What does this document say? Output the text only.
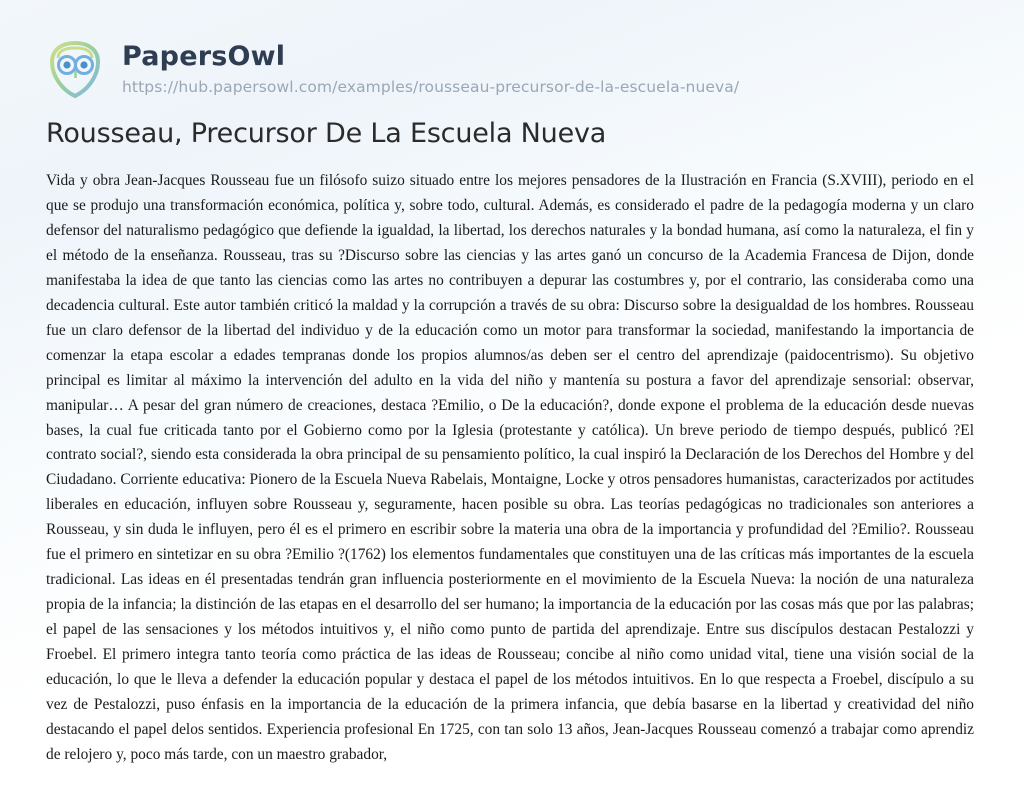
PapersOwl
https://hub.papersowl.com/examples/rousseau-precursor-de-la-escuela-nueva/
Rousseau, Precursor De La Escuela Nueva

Vida y obra Jean-Jacques Rousseau fue un filósofo suizo situado entre los mejores pensadores de la Ilustración en Francia (S.XVIII), periodo en el que se produjo una transformación económica, política y, sobre todo, cultural. Además, es considerado el padre de la pedagogía moderna y un claro defensor del naturalismo pedagógico que defiende la igualdad, la libertad, los derechos naturales y la bondad humana, así como la naturaleza, el fin y el método de la enseñanza. Rousseau, tras su ?Discurso sobre las ciencias y las artes ganó un concurso de la Academia Francesa de Dijon, donde manifestaba la idea de que tanto las ciencias como las artes no contribuyen a depurar las costumbres y, por el contrario, las consideraba como una decadencia cultural. Este autor también criticó la maldad y la corrupción a través de su obra: Discurso sobre la desigualdad de los hombres. Rousseau fue un claro defensor de la libertad del individuo y de la educación como un motor para transformar la sociedad, manifestando la importancia de comenzar la etapa escolar a edades tempranas donde los propios alumnos/as deben ser el centro del aprendizaje (paidocentrismo). Su objetivo principal es limitar al máximo la intervención del adulto en la vida del niño y mantenía su postura a favor del aprendizaje sensorial: observar, manipular… A pesar del gran número de creaciones, destaca ?Emilio, o De la educación?, donde expone el problema de la educación desde nuevas bases, la cual fue criticada tanto por el Gobierno como por la Iglesia (protestante y católica). Un breve periodo de tiempo después, publicó ?El contrato social?, siendo esta considerada la obra principal de su pensamiento político, la cual inspiró la Declaración de los Derechos del Hombre y del Ciudadano. Corriente educativa: Pionero de la Escuela Nueva Rabelais, Montaigne, Locke y otros pensadores humanistas, caracterizados por actitudes liberales en educación, influyen sobre Rousseau y, seguramente, hacen posible su obra. Las teorías pedagógicas no tradicionales son anteriores a Rousseau, y sin duda le influyen, pero él es el primero en escribir sobre la materia una obra de la importancia y profundidad del ?Emilio?. Rousseau fue el primero en sintetizar en su obra ?Emilio ?(1762) los elementos fundamentales que constituyen una de las críticas más importantes de la escuela tradicional. Las ideas en él presentadas tendrán gran influencia posteriormente en el movimiento de la Escuela Nueva: la noción de una naturaleza propia de la infancia; la distinción de las etapas en el desarrollo del ser humano; la importancia de la educación por las cosas más que por las palabras; el papel de las sensaciones y los métodos intuitivos y, el niño como punto de partida del aprendizaje. Entre sus discípulos destacan Pestalozzi y Froebel. El primero integra tanto teoría como práctica de las ideas de Rousseau; concibe al niño como unidad vital, tiene una visión social de la educación, lo que le lleva a defender la educación popular y destaca el papel de los métodos intuitivos. En lo que respecta a Froebel, discípulo a su vez de Pestalozzi, puso énfasis en la importancia de la educación de la primera infancia, que debía basarse en la libertad y creatividad del niño destacando el papel delos sentidos. Experiencia profesional En 1725, con tan solo 13 años, Jean-Jacques Rousseau comenzó a trabajar como aprendiz de relojero y, poco más tarde, con un maestro grabador,
